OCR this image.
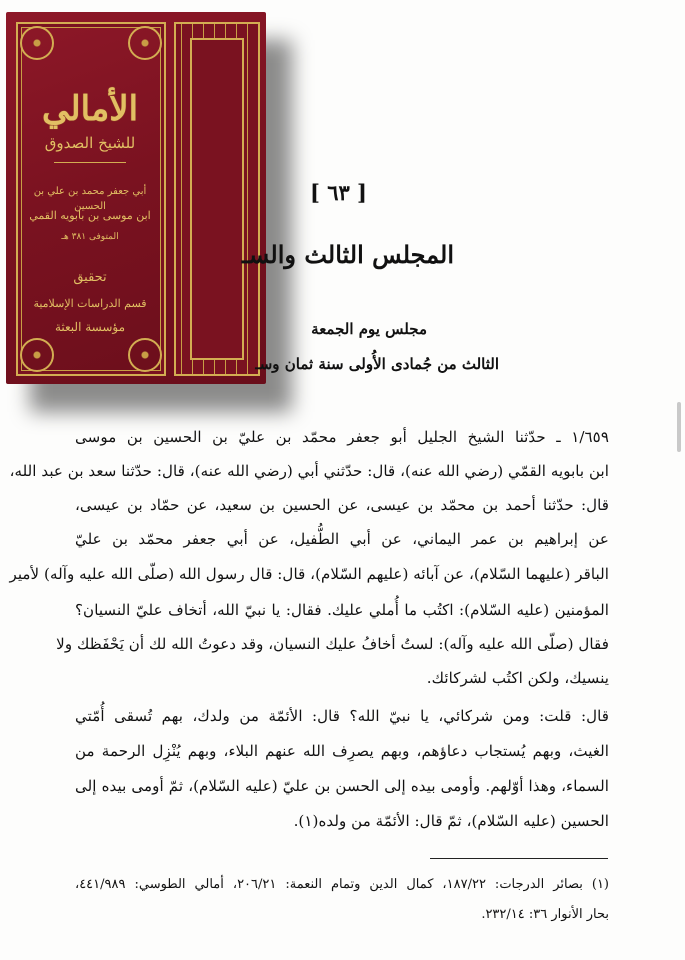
الأمالي
للشيخ الصدوق
أبي جعفر محمد بن علي بن الحسين
ابن موسى بن بابويه القمي
المتوفى ٣٨١ هـ
تحقيق
قسم الدراسات الإسلامية
مؤسسة البعثة
[ ٦٣ ]
المجلس الثالث والسـ
مجلس يوم الجمعة
الثالث من جُمادى الأُولى سنة ثمان وسـ
١/٦٥٩ ـ حدّثنا الشيخ الجليل أبو جعفر محمّد بن عليّ بن الحسين بن موسى
ابن بابويه القمّي (رضي الله عنه)، قال: حدّثني أبي (رضي الله عنه)، قال: حدّثنا سعد بن عبد الله،
قال: حدّثنا أحمد بن محمّد بن عيسى، عن الحسين بن سعيد، عن حمّاد بن عيسى،
عن إبراهيم بن عمر اليماني، عن أبي الطُّفيل، عن أبي جعفر محمّد بن عليّ
الباقر (عليهما السّلام)، عن آبائه (عليهم السّلام)، قال: قال رسول الله (صلّى الله عليه وآله) لأمير
المؤمنين (عليه السّلام): اكتُب ما أُملي عليك. فقال: يا نبيّ الله، أتخاف عليّ النسيان؟
فقال (صلّى الله عليه وآله): لستُ أخافُ عليك النسيان، وقد دعوتُ الله لك أن يَحْفَظك ولا
ينسيك، ولكن اكتُب لشركائك.
قال: قلت: ومن شركائي، يا نبيّ الله؟ قال: الأئمّة من ولدك، بهم تُسقى أُمّتي
الغيث، وبهم يُستجاب دعاؤهم، وبهم يصرِف الله عنهم البلاء، وبهم يُنْزِل الرحمة من
السماء، وهذا أوّلهم. وأومى بيده إلى الحسن بن عليّ (عليه السّلام)، ثمّ أومى بيده إلى
الحسين (عليه السّلام)، ثمّ قال: الأئمّة من ولده(١).
(١) بصائر الدرجات: ١٨٧/٢٢، كمال الدين وتمام النعمة: ٢٠٦/٢١، أمالي الطوسي: ٤٤١/٩٨٩،
بحار الأنوار ٣٦: ٢٣٢/١٤.
